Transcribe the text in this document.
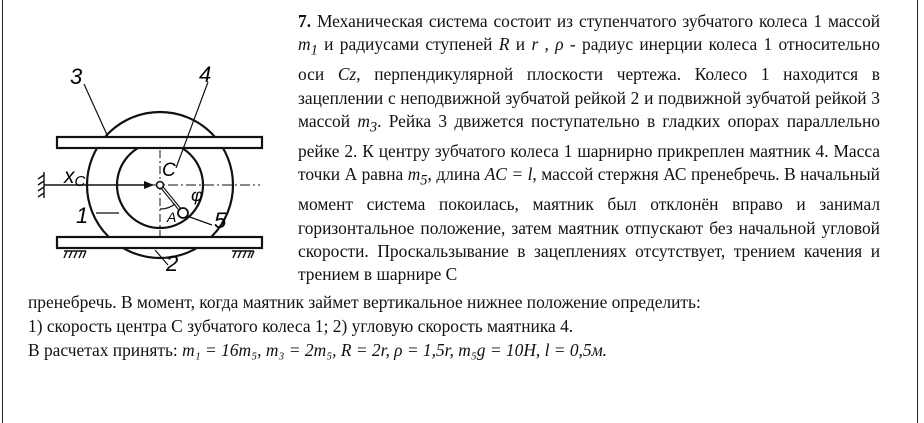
3	4
1	5
2
C
A
φ
xC

7. Механическая система состоит из ступенчатого зубчатого колеса 1 массой $m_1$ и радиусами ступеней R и r , ρ - радиус инерции колеса 1 относительно оси Cz, перпендикулярной плоскости чертежа. Колесо 1 находится в зацеплении с неподвижной зубчатой рейкой 2 и подвижной зубчатой рейкой 3 массой $m_3$. Рейка 3 движется поступательно в гладких опорах параллельно рейке 2. К центру зубчатого колеса 1 шарнирно прикреплен маятник 4. Масса точки А равна $m_5$, длина AC = l, массой стержня АС пренебречь. В начальный момент система покоилась, маятник был отклонён вправо и занимал горизонтальное положение, затем маятник отпускают без начальной угловой скорости. Проскальзывание в зацеплениях отсутствует, трением качения и трением в шарнире С

пренебречь. В момент, когда маятник займет вертикальное нижнее положение определить:
1) скорость центра С зубчатого колеса 1; 2) угловую скорость маятника 4.
В расчетах принять: m₁ = 16m₅, m₃ = 2m₅, R = 2r, ρ = 1,5r, m₅g = 10H, l = 0,5м.
